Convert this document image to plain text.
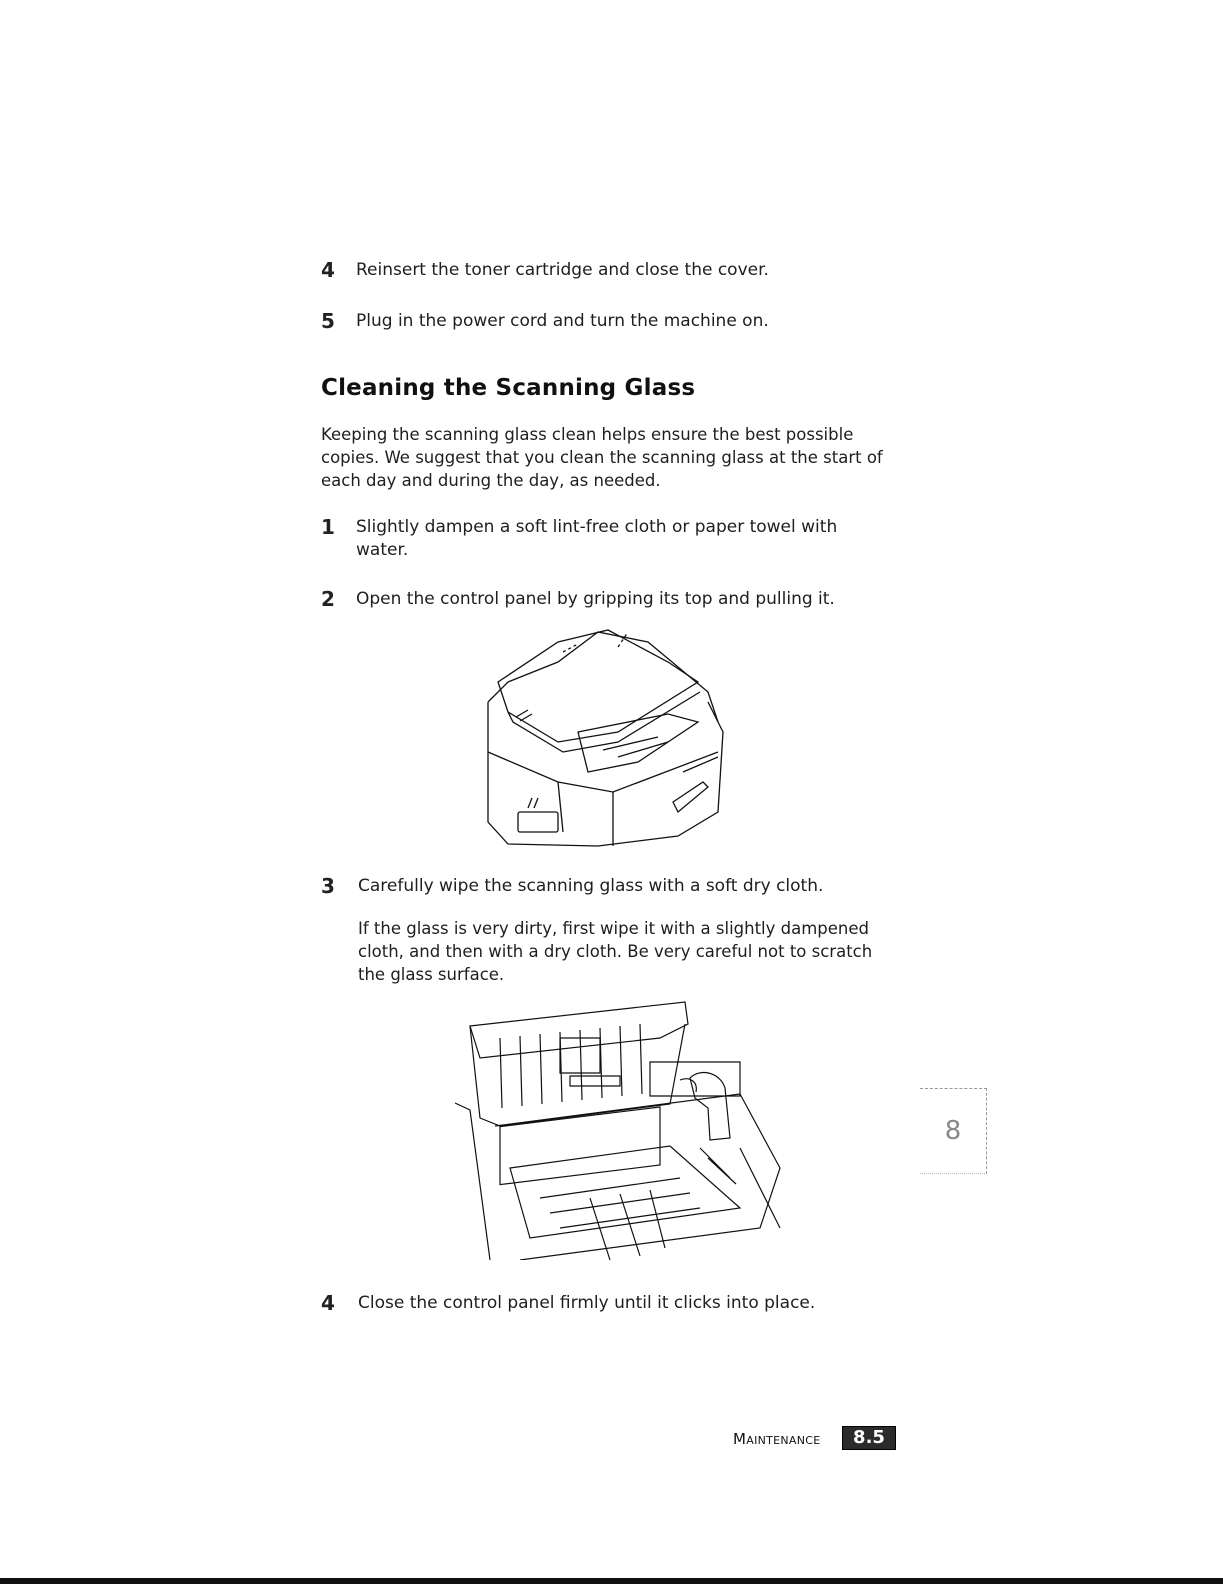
4	Reinsert the toner cartridge and close the cover.
5	Plug in the power cord and turn the machine on.
Cleaning the Scanning Glass
Keeping the scanning glass clean helps ensure the best possible copies. We suggest that you clean the scanning glass at the start of each day and during the day, as needed.
1	Slightly dampen a soft lint-free cloth or paper towel with water.
2	Open the control panel by gripping its top and pulling it.
3	Carefully wipe the scanning glass with a soft dry cloth.
If the glass is very dirty, first wipe it with a slightly dampened cloth, and then with a dry cloth. Be very careful not to scratch the glass surface.
4	Close the control panel firmly until it clicks into place.
8
Maintenance	8.5
